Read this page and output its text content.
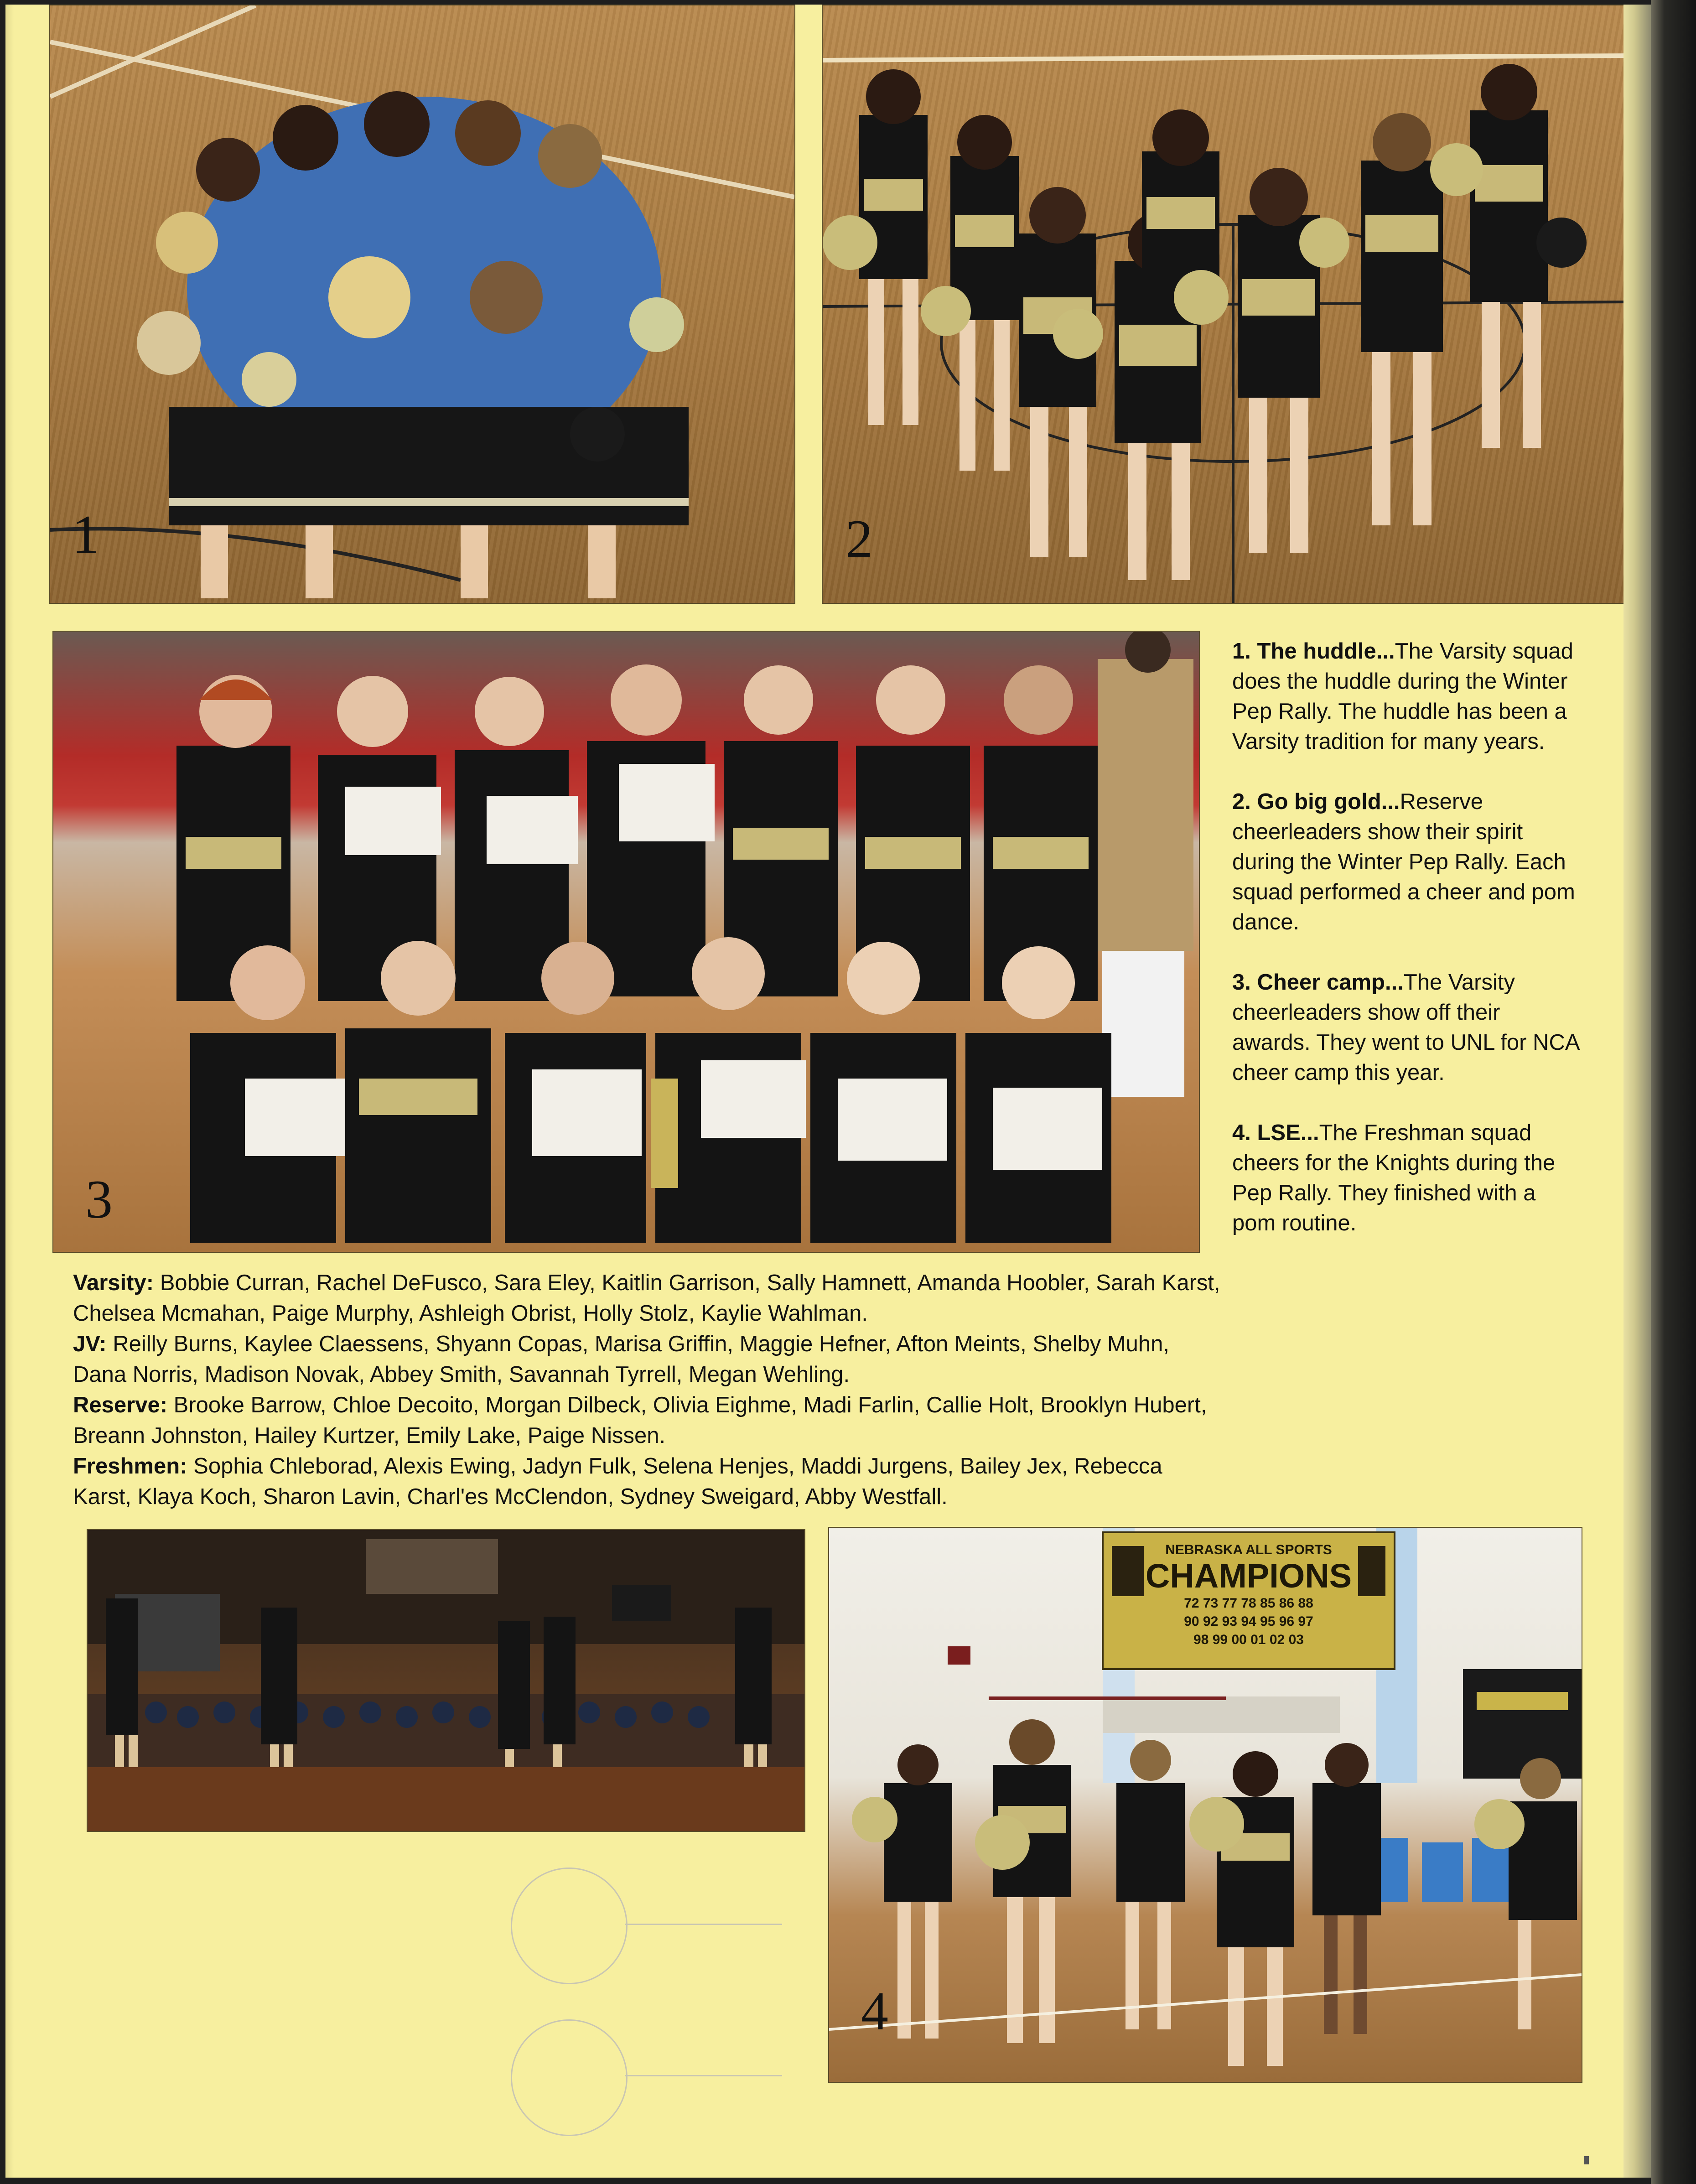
1	2
3
NEBRASKA ALL SPORTS
CHAMPIONS
72 73 77 78 85 86 88
90 92 93 94 95 96 97
98 99 00 01 02 03
4

1. The huddle...The Varsity squad does the huddle during the Winter Pep Rally. The huddle has been a Varsity tradition for many years.

2. Go big gold...Reserve cheerleaders show their spirit during the Winter Pep Rally. Each squad performed a cheer and pom dance.

3. Cheer camp...The Varsity cheerleaders show off their awards. They went to UNL for NCA cheer camp this year.

4. LSE...The Freshman squad cheers for the Knights during the Pep Rally. They finished with a pom routine.

Varsity: Bobbie Curran, Rachel DeFusco, Sara Eley, Kaitlin Garrison, Sally Hamnett, Amanda Hoobler, Sarah Karst, Chelsea Mcmahan, Paige Murphy, Ashleigh Obrist, Holly Stolz, Kaylie Wahlman.

JV: Reilly Burns, Kaylee Claessens, Shyann Copas, Marisa Griffin, Maggie Hefner, Afton Meints, Shelby Muhn, Dana Norris, Madison Novak, Abbey Smith, Savannah Tyrrell, Megan Wehling.

Reserve: Brooke Barrow, Chloe Decoito, Morgan Dilbeck, Olivia Eighme, Madi Farlin, Callie Holt, Brooklyn Hubert, Breann Johnston, Hailey Kurtzer, Emily Lake, Paige Nissen.

Freshmen: Sophia Chleborad, Alexis Ewing, Jadyn Fulk, Selena Henjes, Maddi Jurgens, Bailey Jex, Rebecca Karst, Klaya Koch, Sharon Lavin, Charl'es McClendon, Sydney Sweigard, Abby Westfall.
